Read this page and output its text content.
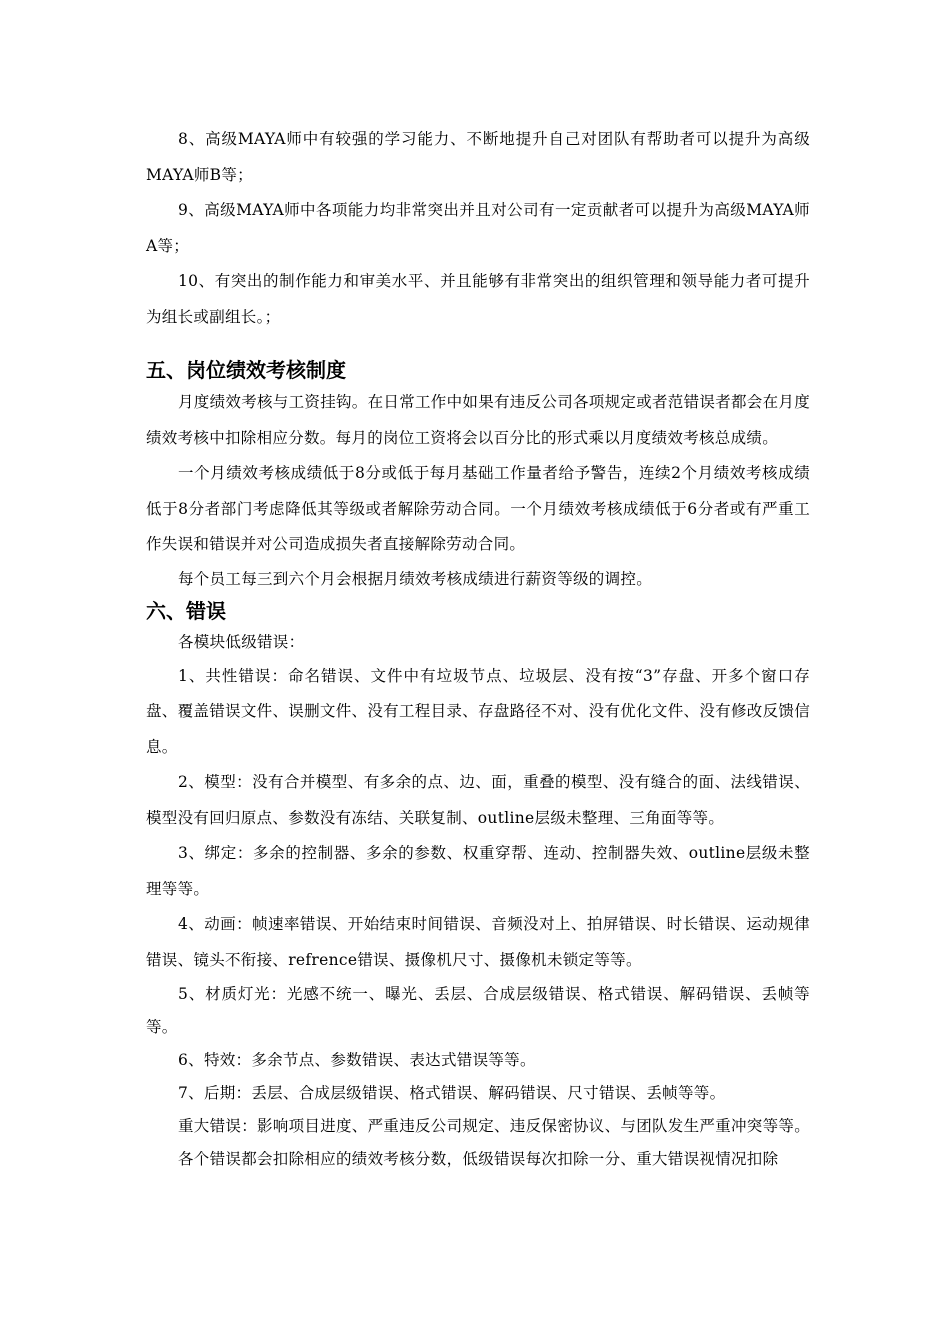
8、高级MAYA师中有较强的学习能力、不断地提升自己对团队有帮助者可以提升为高级MAYA师B等；

9、高级MAYA师中各项能力均非常突出并且对公司有一定贡献者可以提升为高级MAYA师A等；

10、有突出的制作能力和审美水平、并且能够有非常突出的组织管理和领导能力者可提升为组长或副组长。；

五、岗位绩效考核制度

月度绩效考核与工资挂钩。在日常工作中如果有违反公司各项规定或者范错误者都会在月度绩效考核中扣除相应分数。每月的岗位工资将会以百分比的形式乘以月度绩效考核总成绩。

一个月绩效考核成绩低于8分或低于每月基础工作量者给予警告，连续2个月绩效考核成绩低于8分者部门考虑降低其等级或者解除劳动合同。一个月绩效考核成绩低于6分者或有严重工作失误和错误并对公司造成损失者直接解除劳动合同。

每个员工每三到六个月会根据月绩效考核成绩进行薪资等级的调控。

六、错误

各模块低级错误：

1、共性错误：命名错误、文件中有垃圾节点、垃圾层、没有按“3”存盘、开多个窗口存盘、覆盖错误文件、误删文件、没有工程目录、存盘路径不对、没有优化文件、没有修改反馈信息。

2、模型：没有合并模型、有多余的点、边、面，重叠的模型、没有缝合的面、法线错误、模型没有回归原点、参数没有冻结、关联复制、outline层级未整理、三角面等等。

3、绑定：多余的控制器、多余的参数、权重穿帮、连动、控制器失效、outline层级未整理等等。

4、动画：帧速率错误、开始结束时间错误、音频没对上、拍屏错误、时长错误、运动规律错误、镜头不衔接、refrence错误、摄像机尺寸、摄像机未锁定等等。

5、材质灯光：光感不统一、曝光、丢层、合成层级错误、格式错误、解码错误、丢帧等等。

6、特效：多余节点、参数错误、表达式错误等等。

7、后期：丢层、合成层级错误、格式错误、解码错误、尺寸错误、丢帧等等。

重大错误：影响项目进度、严重违反公司规定、违反保密协议、与团队发生严重冲突等等。

各个错误都会扣除相应的绩效考核分数，低级错误每次扣除一分、重大错误视情况扣除
